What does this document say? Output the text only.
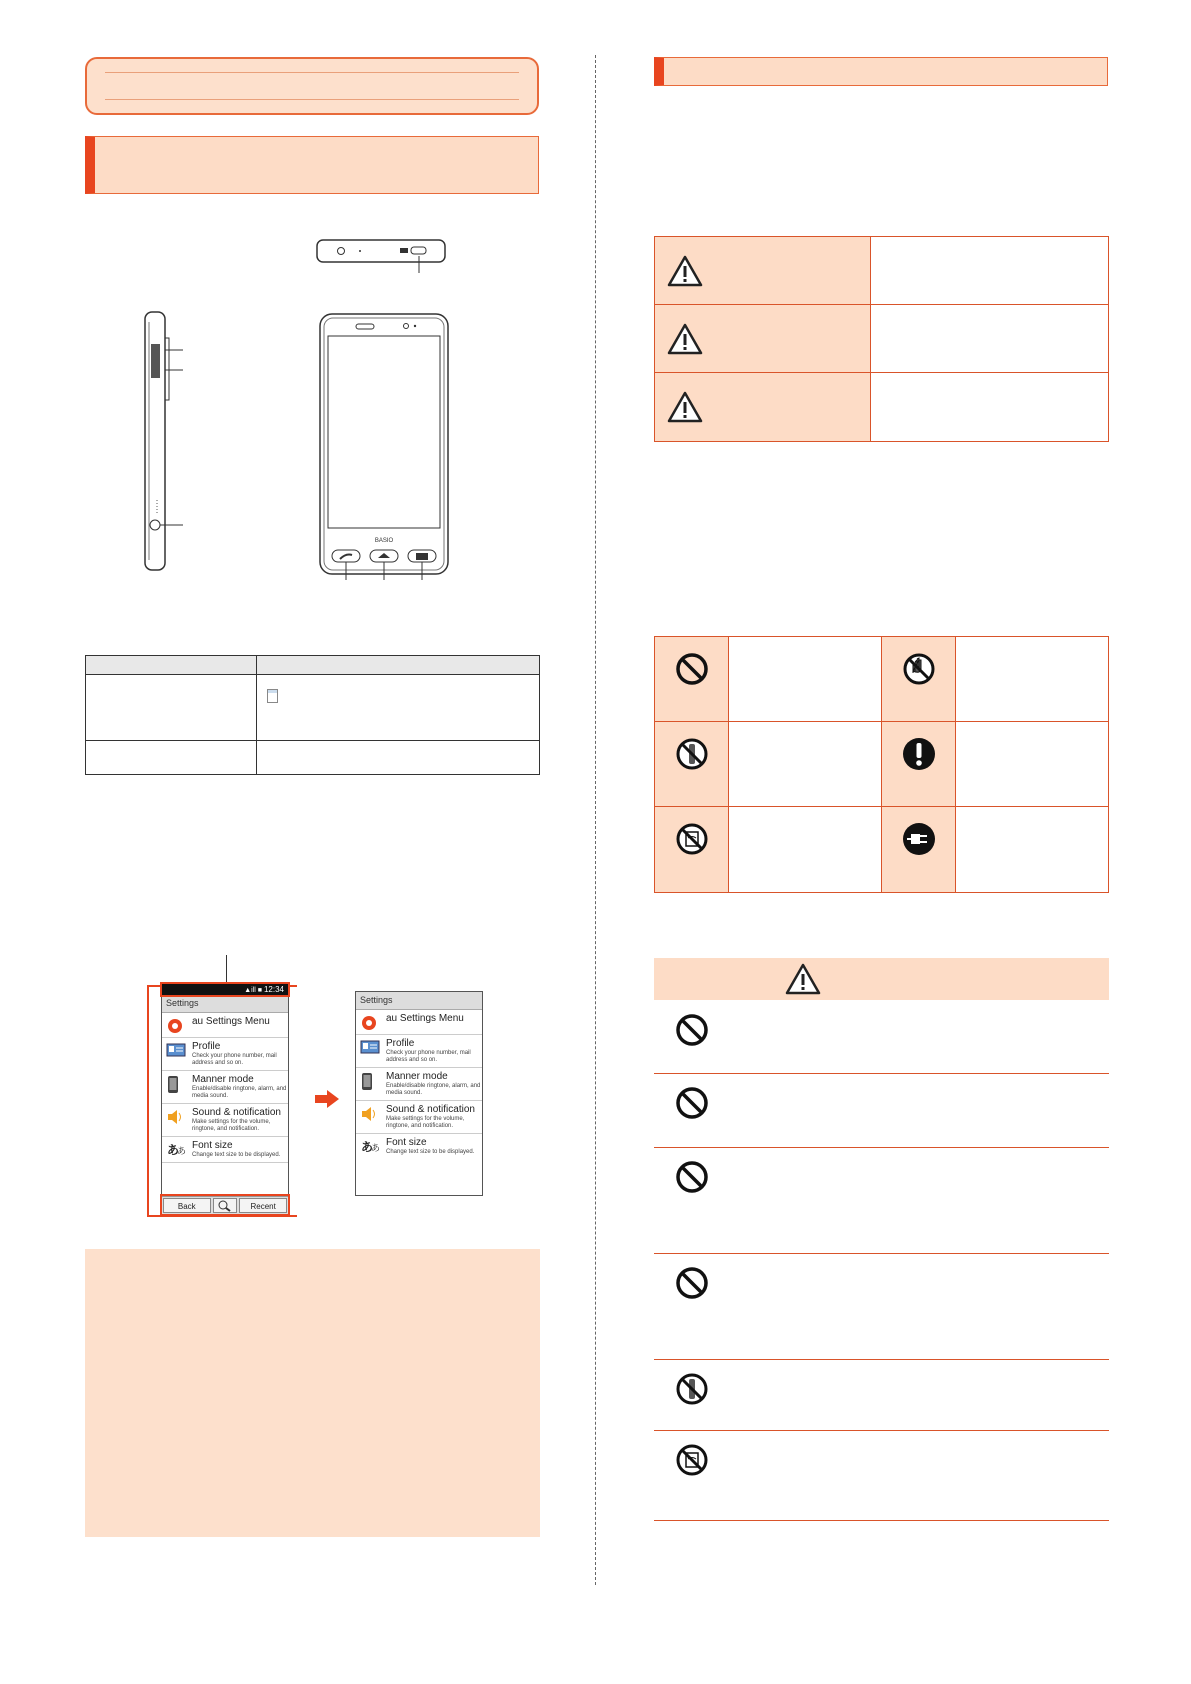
BASIO

▲ill ■ 12:34
Settings
au Settings Menu
Profile
Check your phone number, mail address and so on.
Manner mode
Enable/disable ringtone, alarm, and media sound.
Sound & notification
Make settings for the volume, ringtone, and notification.
あ
あ
Font size
Change text size to be displayed.
Back	Recent
Settings
au Settings Menu
Profile
Check your phone number, mail address and so on.
Manner mode
Enable/disable ringtone, alarm, and media sound.
Sound & notification
Make settings for the volume, ringtone, and notification.
あ
あ
Font size
Change text size to be displayed.
